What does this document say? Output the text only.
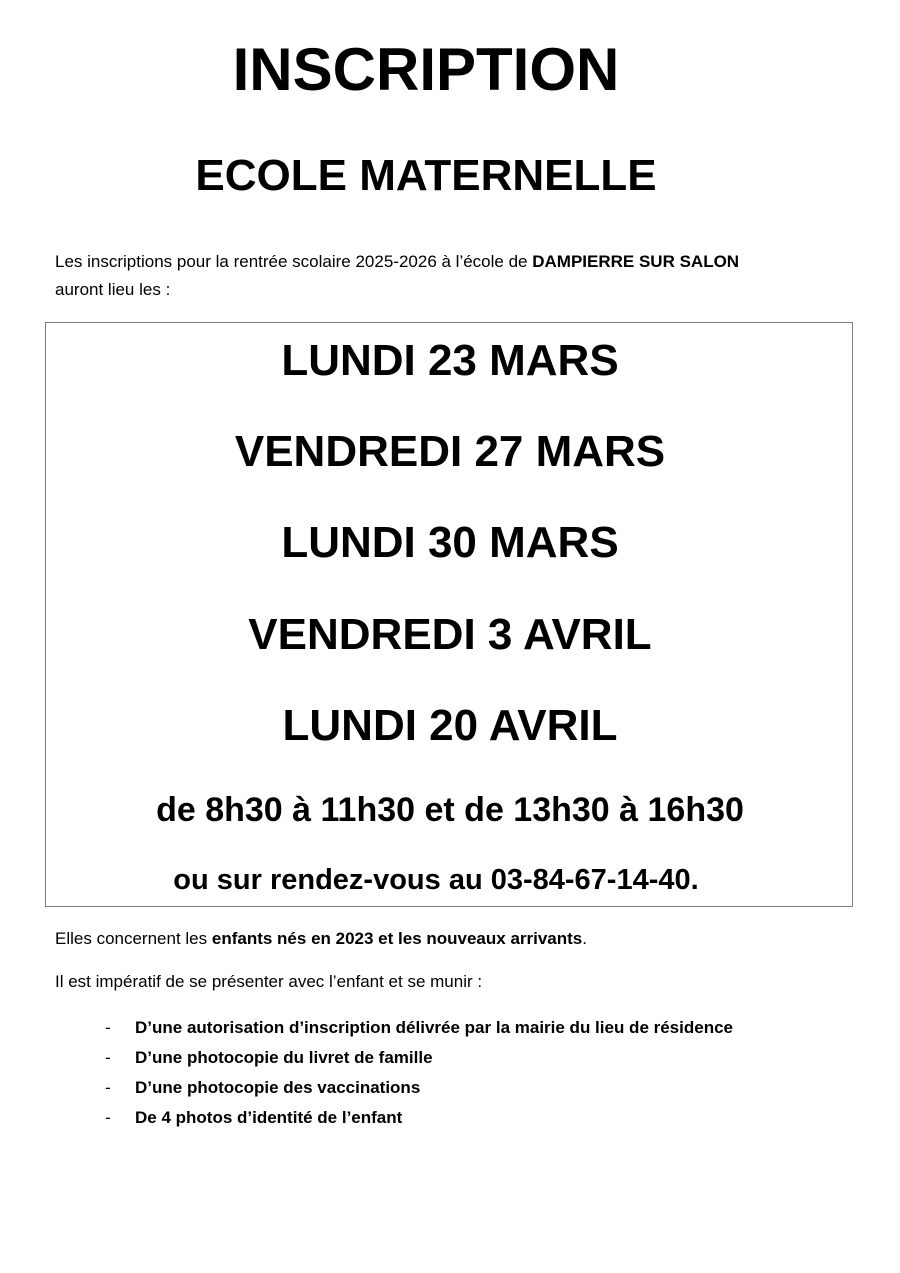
INSCRIPTION
ECOLE MATERNELLE

Les inscriptions pour la rentrée scolaire 2025-2026 à l’école de DAMPIERRE SUR SALON
auront lieu les :

LUNDI 23 MARS
VENDREDI 27 MARS
LUNDI 30 MARS
VENDREDI 3 AVRIL
LUNDI 20 AVRIL
de 8h30 à 11h30 et de 13h30 à 16h30
ou sur rendez-vous au 03-84-67-14-40.

Elles concernent les enfants nés en 2023 et les nouveaux arrivants.

Il est impératif de se présenter avec l’enfant et se munir :

- D’une autorisation d’inscription délivrée par la mairie du lieu de résidence
- D’une photocopie du livret de famille
- D’une photocopie des vaccinations
- De 4 photos d’identité de l’enfant
